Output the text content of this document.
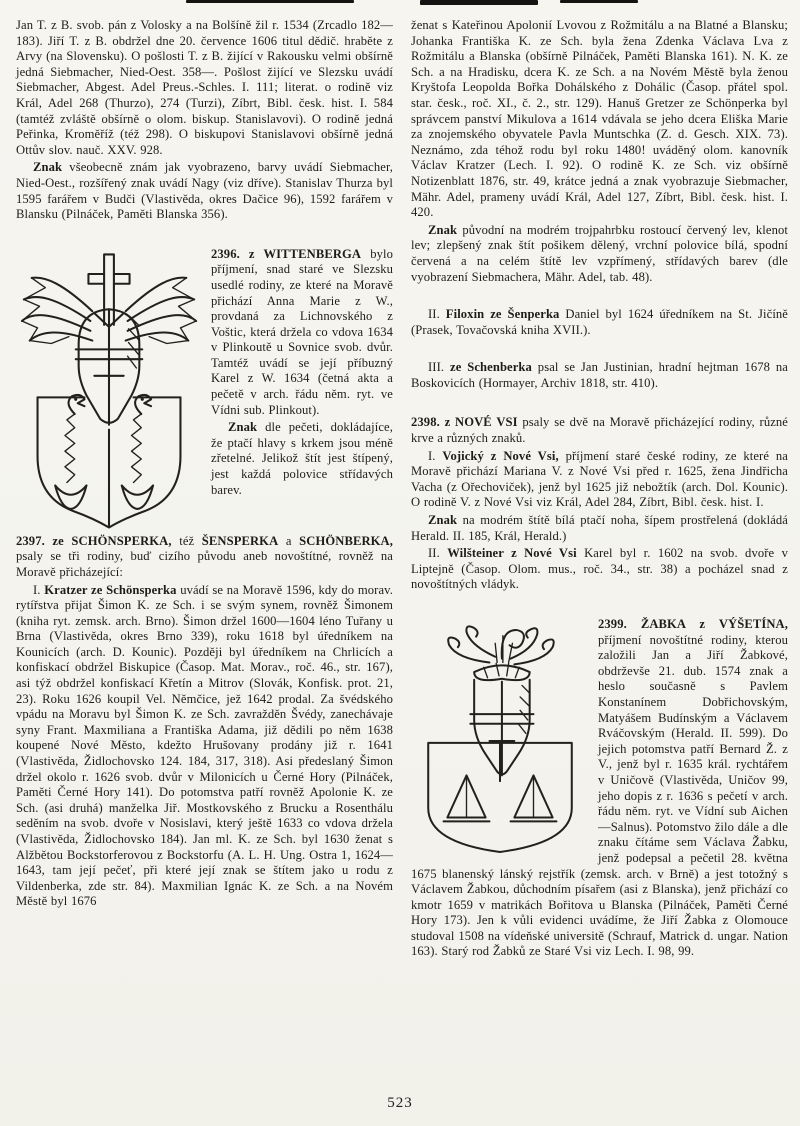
Jan T. z B. svob. pán z Volosky a na Bolšíně žil r. 1534 (Zrcadlo 182—183). Jiří T. z B. obdržel dne 20. července 1606 titul dědič. hraběte z Arvy (na Slovensku). O pošlosti T. z B. žijící v Rakousku velmi obšírně jedná Siebmacher, Nied-Oest. 358—. Pošlost žijící ve Slezsku uvádí Siebmacher, Abgest. Adel Preus.-Schles. I. 111; literat. o rodině viz Král, Adel 268 (Thurzo), 274 (Turzi), Zíbrt, Bibl. česk. hist. I. 584 (tamtéž zvláště obšírně o olom. biskup. Stanislavovi). O rodině jedná Peřinka, Kroměříž (též 298). O biskupovi Stanislavovi obšírně jedná Ottův slov. nauč. XXV. 928.

Znak všeobecně znám jak vyobrazeno, barvy uvádí Siebmacher, Nied-Oest., rozšířený znak uvádí Nagy (viz dříve). Stanislav Thurza byl 1595 farářem v Budči (Vlastivěda, okres Dačice 96), 1592 farářem v Blansku (Pilnáček, Paměti Blanska 356).

2396. z WITTENBERGA
bylo příjmení, snad staré ve Slezsku usedlé rodiny, ze které na Moravě přichází Anna Marie z W., provdaná za Lichnovského z Voštic, která držela co vdova 1634 v Plinkoutě u Sovnice svob. dvůr. Tamtéž uvádí se její příbuzný Karel z W. 1634 (četná akta a pečetě v arch. řádu něm. ryt. ve Vídni sub. Plinkout).

Znak dle pečeti, dokládajíce, že ptačí hlavy s krkem jsou méně zřetelné. Jelikož štít jest štípený, jest každá polovice střídavých barev.

2397. ze SCHÖNSPERKA, též ŠENSPERKA a SCHÖNBERKA, psaly se tři rodiny, buď cizího původu aneb novoštítné, rovněž na Moravě přicházející:

I. Kratzer ze Schönsperka uvádí se na Moravě 1596, kdy do morav. rytířstva přijat Šimon K. ze Sch. i se svým synem, rovněž Šimonem (kniha ryt. zemsk. arch. Brno). Šimon držel 1600—1604 léno Tuřany u Brna (Vlastivěda, okres Brno 339), roku 1618 byl úředníkem na Kounicích (arch. D. Kounic). Později byl úředníkem na Chrlicích a konfiskací obdržel Biskupice (Časop. Mat. Morav., roč. 46., str. 167), asi týž obdržel konfiskací Křetín a Mitrov (Slovák, Konfisk. prot. 21, 23). Roku 1626 koupil Vel. Němčice, jež 1642 prodal. Za švédského vpádu na Moravu byl Šimon K. ze Sch. zavražděn Švédy, zanechávaje syny Frant. Maxmiliana a Františka Adama, již dědili po něm 1638 koupené Nové Město, kdežto Hrušovany prodány již r. 1641 (Vlastivěda, Židlochovsko 124. 184, 317, 318). Asi předeslaný Šimon držel okolo r. 1626 svob. dvůr v Milonicích u Černé Hory (Pilnáček, Paměti Černé Hory 141). Do potomstva patří rovněž Apolonie K. ze Sch. (asi druhá) manželka Jiř. Mostkovského z Brucku a Rosenthálu seděním na svob. dvoře v Nosislavi, který ještě 1633 co vdova držela (Vlastivěda, Židlochovsko 184). Jan ml. K. ze Sch. byl 1630 ženat s Alžbětou Bockstorferovou z Bockstorfu (A. L. H. Ung. Ostra 1, 1624—1643, tam její pečeť, při které její znak se štítem jako u rodu z Vildenberka, zde str. 84). Maxmilian Ignác K. ze Sch. a na Novém Městě byl 1676

ženat s Kateřinou Apolonií Lvovou z Rožmitálu a na Blatné a Blansku; Johanka Františka K. ze Sch. byla žena Zdenka Václava Lva z Rožmitálu a Blanska (obšírně Pilnáček, Paměti Blanska 161). N. K. ze Sch. a na Hradisku, dcera K. ze Sch. a na Novém Městě byla ženou Kryštofa Leopolda Bořka Dohálského z Dohálic (Časop. přátel spol. star. česk., roč. XI., č. 2., str. 129). Hanuš Gretzer ze Schönperka byl správcem panství Mikulova a 1614 vdávala se jeho dcera Eliška Marie za znojemského obyvatele Pavla Muntschka (Z. d. Gesch. XIX. 73). Neznámo, zda téhož rodu byl roku 1480! uváděný olom. kanovník Václav Kratzer (Lech. I. 92). O rodině K. ze Sch. viz obšírně Notizenblatt 1876, str. 49, krátce jedná a znak vyobrazuje Siebmacher, Mähr. Adel, prameny uvádí Král, Adel 127, Zíbrt, Bibl. česk. hist. I. 420.

Znak původní na modrém trojpahrbku rostoucí červený lev, klenot lev; zlepšený znak štít pošikem dělený, vrchní polovice bílá, spodní červená a na celém štítě lev vzpřímený, střídavých barev (dle vyobrazení Siebmachera, Mähr. Adel, tab. 48).

II. Filoxin ze Šenperka Daniel byl 1624 úředníkem na St. Jičíně (Prasek, Tovačovská kniha XVII.).

III. ze Schenberka psal se Jan Justinian, hradní hejtman 1678 na Boskovicích (Hormayer, Archiv 1818, str. 410).

2398. z NOVÉ VSI psaly se dvě na Moravě přicházející rodiny, různé krve a různých znaků.

I. Vojický z Nové Vsi, příjmení staré české rodiny, ze které na Moravě přichází Mariana V. z Nové Vsi před r. 1625, žena Jindřicha Vacha (z Ořechoviček), jenž byl 1625 již nebožtík (arch. Dol. Kounic). O rodině V. z Nové Vsi viz Král, Adel 284, Zíbrt, Bibl. česk. hist. I.

Znak na modrém štítě bílá ptačí noha, šípem prostřelená (dokládá Herald. II. 185, Král, Herald.)

II. Wilšteiner z Nové Vsi Karel byl r. 1602 na svob. dvoře v Liptejně (Časop. Olom. mus., roč. 34., str. 38) a pocházel snad z novoštítných vládyk.

2399. ŽABKA z VÝŠETÍNA,
příjmení novoštítné rodiny, kterou založili Jan a Jiří Žabkové, obdrževše 21. dub. 1574 znak a heslo současně s Pavlem Konstanínem Dobřichovským, Matyášem Budínským a Václavem Rváčovským (Herald. II. 599). Do jejich potomstva patří Bernard Ž. z V., jenž byl r. 1635 král. rychtářem v Uničově (Vlastivěda, Uničov 99, jeho dopis z r. 1636 s pečetí v arch. řádu něm. ryt. ve Vídní sub Aichen—Salnus). Potomstvo žilo dále a dle znaku čítáme sem Václava Žabku, jenž podepsal a pečetil 28. května 1675 blanenský lánský rejstřík (zemsk. arch. v Brně) a jest totožný s Václavem Žabkou, důchodním písařem (asi z Blanska), jenž přichází co kmotr 1659 v matrikách Bořitova u Blanska (Pilnáček, Paměti Černé Hory 173). Jen k vůli evidenci uvádíme, že Jiří Žabka z Olomouce studoval 1508 na vídeňské universitě (Schrauf, Matrick d. ungar. Nation 163). Starý rod Žabků ze Staré Vsi viz Lech. I. 98, 99.

523
